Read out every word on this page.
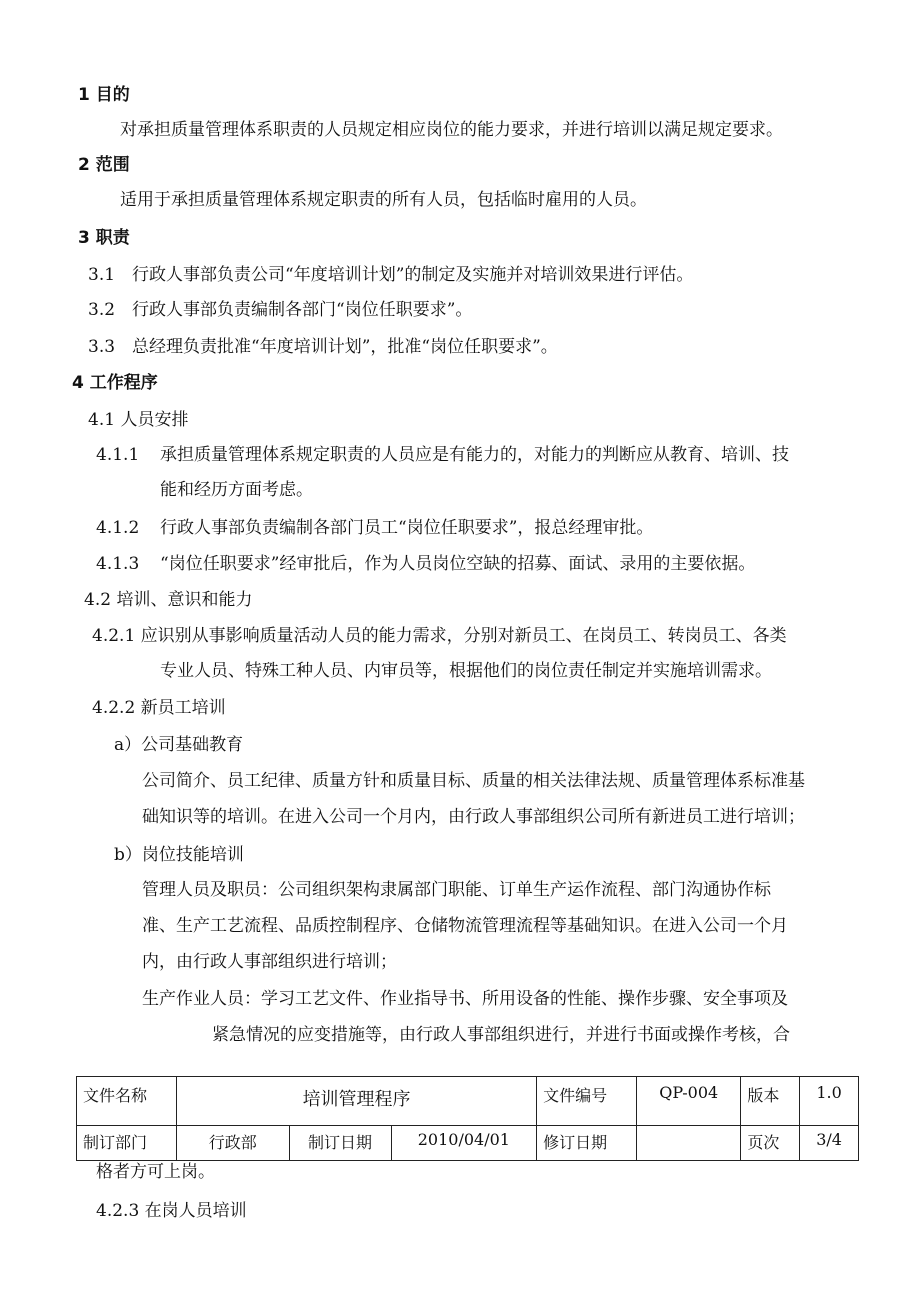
1 目的
对承担质量管理体系职责的人员规定相应岗位的能力要求，并进行培训以满足规定要求。
2 范围
适用于承担质量管理体系规定职责的所有人员，包括临时雇用的人员。
3 职责
3.1 行政人事部负责公司“年度培训计划”的制定及实施并对培训效果进行评估。
3.2 行政人事部负责编制各部门“岗位任职要求”。
3.3 总经理负责批准“年度培训计划”，批准“岗位任职要求”。
4 工作程序
4.1 人员安排
4.1.1 承担质量管理体系规定职责的人员应是有能力的，对能力的判断应从教育、培训、技
能和经历方面考虑。
4.1.2 行政人事部负责编制各部门员工“岗位任职要求”，报总经理审批。
4.1.3 “岗位任职要求”经审批后，作为人员岗位空缺的招募、面试、录用的主要依据。
4.2 培训、意识和能力
4.2.1 应识别从事影响质量活动人员的能力需求，分别对新员工、在岗员工、转岗员工、各类
专业人员、特殊工种人员、内审员等，根据他们的岗位责任制定并实施培训需求。
4.2.2 新员工培训
a）公司基础教育
公司简介、员工纪律、质量方针和质量目标、质量的相关法律法规、质量管理体系标准基
础知识等的培训。在进入公司一个月内，由行政人事部组织公司所有新进员工进行培训；
b）岗位技能培训
管理人员及职员：公司组织架构隶属部门职能、订单生产运作流程、部门沟通协作标
准、生产工艺流程、品质控制程序、仓储物流管理流程等基础知识。在进入公司一个月
内，由行政人事部组织进行培训；
生产作业人员：学习工艺文件、作业指导书、所用设备的性能、操作步骤、安全事项及
紧急情况的应变措施等，由行政人事部组织进行，并进行书面或操作考核，合
文件名称	培训管理程序			文件编号	QP-004	版本	1.0
制订部门	行政部	制订日期	2010/04/01	修订日期		页次	3/4
格者方可上岗。
4.2.3 在岗人员培训
